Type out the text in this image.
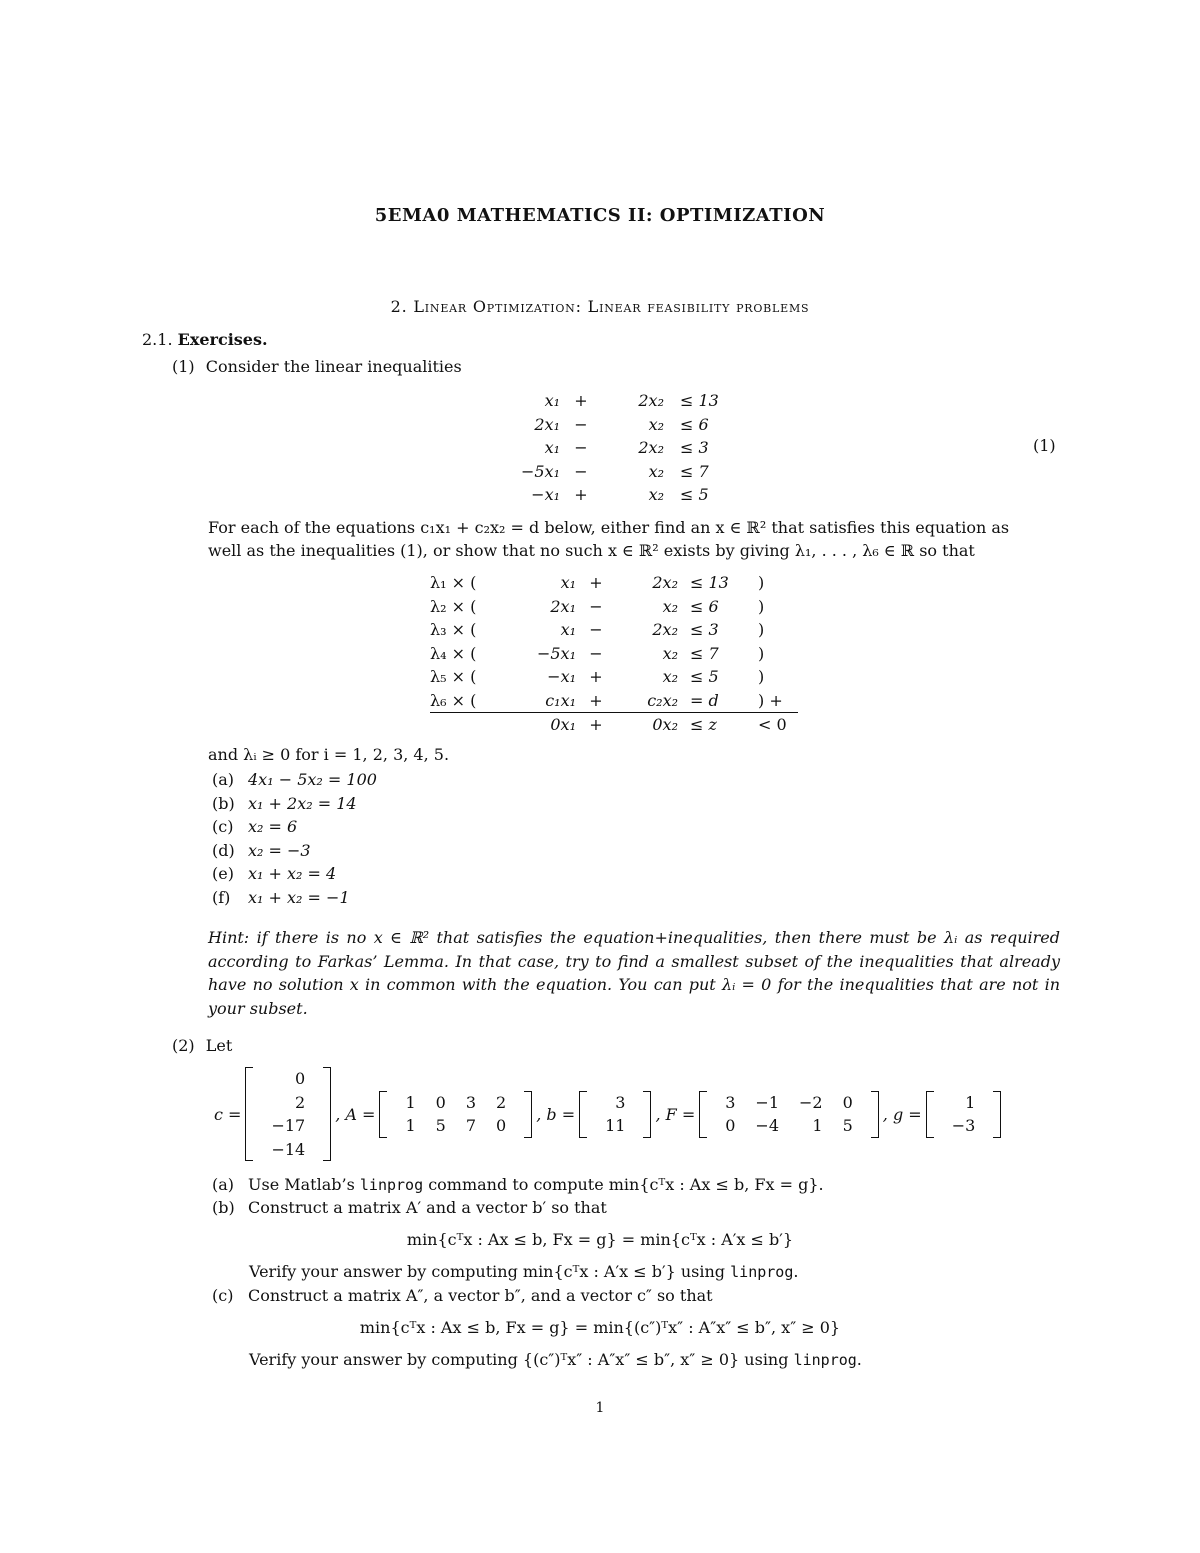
5EMA0 MATHEMATICS II: OPTIMIZATION
2. Linear Optimization: Linear feasibility problems
2.1. Exercises.
(1) Consider the linear inequalities
x₁	+	2x₂	≤ 13
2x₁	−	x₂	≤ 6
x₁	−	2x₂	≤ 3
−5x₁	−	x₂	≤ 7
−x₁	+	x₂	≤ 5
(1)
For each of the equations c₁x₁ + c₂x₂ = d below, either find an x ∈ ℝ² that satisfies this equation as
well as the inequalities (1), or show that no such x ∈ ℝ² exists by giving λ₁, . . . , λ₆ ∈ ℝ so that
λ₁ × (	x₁	+	2x₂	≤ 13	)
λ₂ × (	2x₁	−	x₂	≤ 6	)
λ₃ × (	x₁	−	2x₂	≤ 3	)
λ₄ × (	−5x₁	−	x₂	≤ 7	)
λ₅ × (	−x₁	+	x₂	≤ 5	)
λ₆ × (	c₁x₁	+	c₂x₂	= d	) +
	0x₁	+	0x₂	≤ z	< 0
and λᵢ ≥ 0 for i = 1, 2, 3, 4, 5.
(a) 4x₁ − 5x₂ = 100
(b) x₁ + 2x₂ = 14
(c) x₂ = 6
(d) x₂ = −3
(e) x₁ + x₂ = 4
(f) x₁ + x₂ = −1
Hint: if there is no x ∈ ℝ² that satisfies the equation+inequalities, then there must be λᵢ as required according to Farkas’ Lemma. In that case, try to find a smallest subset of the inequalities that already have no solution x in common with the equation. You can put λᵢ = 0 for the inequalities that are not in your subset.
(2) Let
c =
0
2
−17
−14
, A =
1	0	3	2
1	5	7	0
, b =
3
11
, F =
3	−1	−2	0
0	−4	1	5
, g =
1
−3
(a) Use Matlab’s linprog command to compute min{cᵀx : Ax ≤ b, Fx = g}.
(b) Construct a matrix A′ and a vector b′ so that
min{cᵀx : Ax ≤ b, Fx = g} = min{cᵀx : A′x ≤ b′}
Verify your answer by computing min{cᵀx : A′x ≤ b′} using linprog.
(c) Construct a matrix A″, a vector b″, and a vector c″ so that
min{cᵀx : Ax ≤ b, Fx = g} = min{(c″)ᵀx″ : A″x″ ≤ b″, x″ ≥ 0}
Verify your answer by computing {(c″)ᵀx″ : A″x″ ≤ b″, x″ ≥ 0} using linprog.
1
